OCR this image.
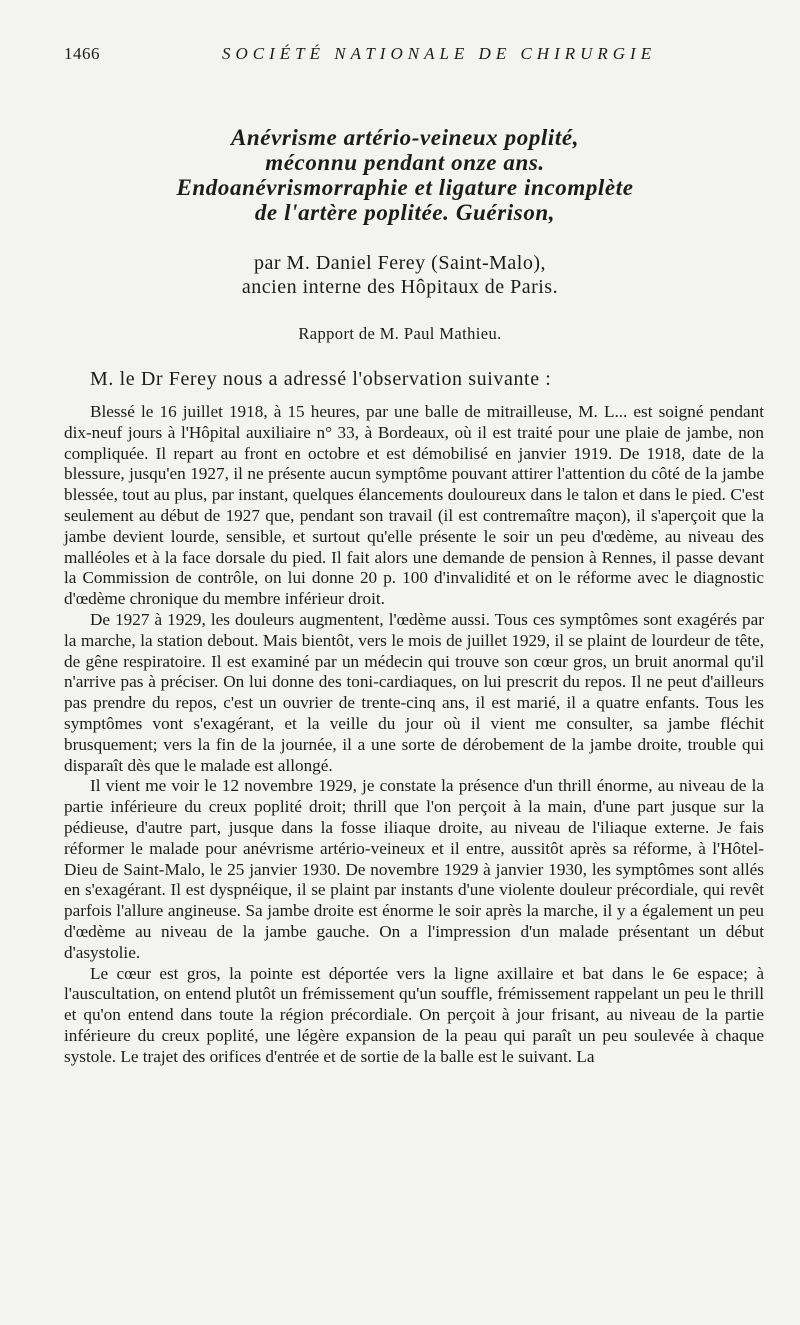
1466	SOCIÉTÉ NATIONALE DE CHIRURGIE
Anévrisme artério-veineux poplité,
méconnu pendant onze ans.
Endoanévrismorraphie et ligature incomplète
de l'artère poplitée. Guérison,
par M. Daniel Ferey (Saint-Malo),
ancien interne des Hôpitaux de Paris.
Rapport de M. Paul Mathieu.
M. le Dr Ferey nous a adressé l'observation suivante :

Blessé le 16 juillet 1918, à 15 heures, par une balle de mitrailleuse, M. L... est soigné pendant dix-neuf jours à l'Hôpital auxiliaire n° 33, à Bordeaux, où il est traité pour une plaie de jambe, non compliquée. Il repart au front en octobre et est démobilisé en janvier 1919. De 1918, date de la blessure, jusqu'en 1927, il ne présente aucun symptôme pouvant attirer l'attention du côté de la jambe blessée, tout au plus, par instant, quelques élancements douloureux dans le talon et dans le pied. C'est seulement au début de 1927 que, pendant son travail (il est contremaître maçon), il s'aperçoit que la jambe devient lourde, sensible, et surtout qu'elle présente le soir un peu d'œdème, au niveau des malléoles et à la face dorsale du pied. Il fait alors une demande de pension à Rennes, il passe devant la Commission de contrôle, on lui donne 20 p. 100 d'invalidité et on le réforme avec le diagnostic d'œdème chronique du membre inférieur droit.

De 1927 à 1929, les douleurs augmentent, l'œdème aussi. Tous ces symptômes sont exagérés par la marche, la station debout. Mais bientôt, vers le mois de juillet 1929, il se plaint de lourdeur de tête, de gêne respiratoire. Il est examiné par un médecin qui trouve son cœur gros, un bruit anormal qu'il n'arrive pas à préciser. On lui donne des toni-cardiaques, on lui prescrit du repos. Il ne peut d'ailleurs pas prendre du repos, c'est un ouvrier de trente-cinq ans, il est marié, il a quatre enfants. Tous les symptômes vont s'exagérant, et la veille du jour où il vient me consulter, sa jambe fléchit brusquement; vers la fin de la journée, il a une sorte de dérobement de la jambe droite, trouble qui disparaît dès que le malade est allongé.

Il vient me voir le 12 novembre 1929, je constate la présence d'un thrill énorme, au niveau de la partie inférieure du creux poplité droit; thrill que l'on perçoit à la main, d'une part jusque sur la pédieuse, d'autre part, jusque dans la fosse iliaque droite, au niveau de l'iliaque externe. Je fais réformer le malade pour anévrisme artério-veineux et il entre, aussitôt après sa réforme, à l'Hôtel-Dieu de Saint-Malo, le 25 janvier 1930. De novembre 1929 à janvier 1930, les symptômes sont allés en s'exagérant. Il est dyspnéique, il se plaint par instants d'une violente douleur précordiale, qui revêt parfois l'allure angineuse. Sa jambe droite est énorme le soir après la marche, il y a également un peu d'œdème au niveau de la jambe gauche. On a l'impression d'un malade présentant un début d'asystolie.

Le cœur est gros, la pointe est déportée vers la ligne axillaire et bat dans le 6e espace; à l'auscultation, on entend plutôt un frémissement qu'un souffle, frémissement rappelant un peu le thrill et qu'on entend dans toute la région précordiale. On perçoit à jour frisant, au niveau de la partie inférieure du creux poplité, une légère expansion de la peau qui paraît un peu soulevée à chaque systole. Le trajet des orifices d'entrée et de sortie de la balle est le suivant. La
